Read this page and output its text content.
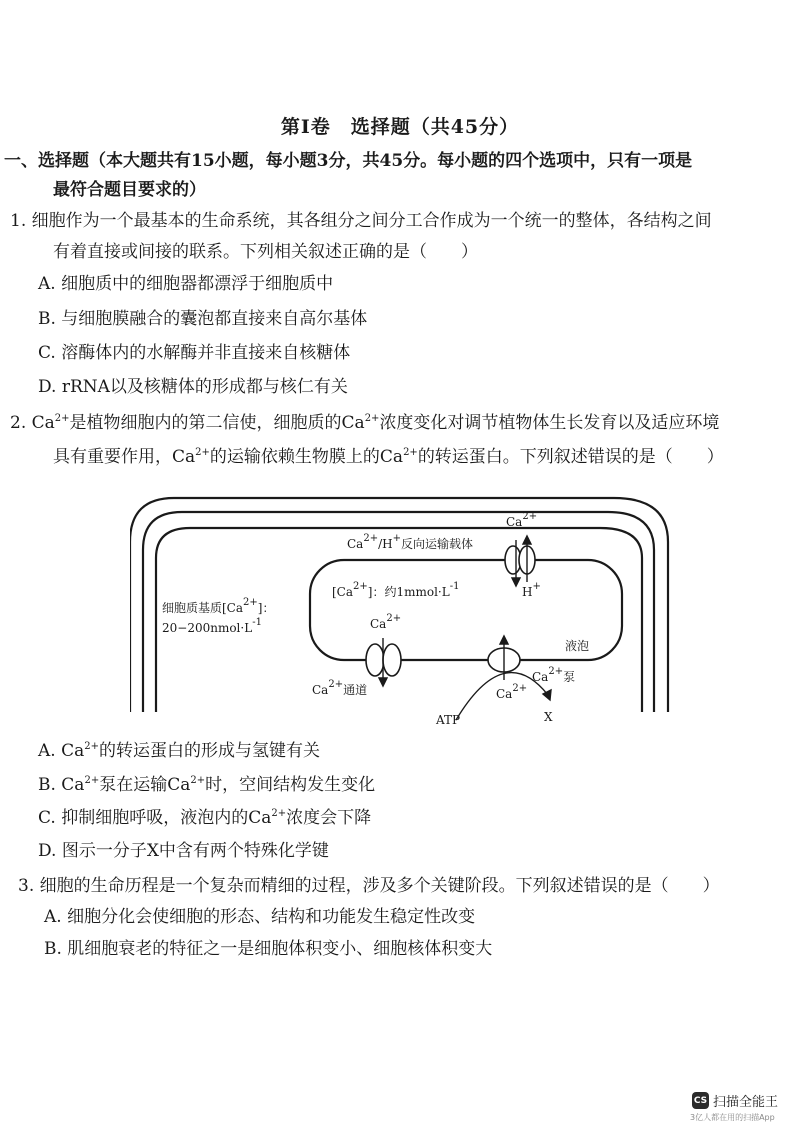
第Ⅰ卷　选择题（共45分）
一、选择题（本大题共有15小题，每小题3分，共45分。每小题的四个选项中，只有一项是
最符合题目要求的）
1. 细胞作为一个最基本的生命系统，其各组分之间分工合作成为一个统一的整体，各结构之间
有着直接或间接的联系。下列相关叙述正确的是（　　）
A. 细胞质中的细胞器都漂浮于细胞质中
B. 与细胞膜融合的囊泡都直接来自高尔基体
C. 溶酶体内的水解酶并非直接来自核糖体
D. rRNA以及核糖体的形成都与核仁有关
2. $Ca^{2+}$是植物细胞内的第二信使，细胞质的$Ca^{2+}$浓度变化对调节植物体生长发育以及适应环境
具有重要作用，$Ca^{2+}$的运输依赖生物膜上的$Ca^{2+}$的转运蛋白。下列叙述错误的是（　　）
$Ca^{2+}/H^+$反向运输载体
$Ca^{2+}$
H+
$[Ca^{2+}]$：约$1mmol\cdot L^{-1}$
细胞质基质$[Ca^{2+}]$：
$20-200nmol\cdot L^{-1}$	$Ca^{2+}$
液泡
$Ca^{2+}$通道
$Ca^{2+}$泵
$Ca^{2+}$
ATP	X
A. $Ca^{2+}$的转运蛋白的形成与氢键有关
B. $Ca^{2+}$泵在运输$Ca^{2+}$时，空间结构发生变化
C. 抑制细胞呼吸，液泡内的$Ca^{2+}$浓度会下降
D. 图示一分子X中含有两个特殊化学键
3. 细胞的生命历程是一个复杂而精细的过程，涉及多个关键阶段。下列叙述错误的是（　　）
A. 细胞分化会使细胞的形态、结构和功能发生稳定性改变
B. 肌细胞衰老的特征之一是细胞体积变小、细胞核体积变大
CS 扫描全能王
3亿人都在用的扫描App
